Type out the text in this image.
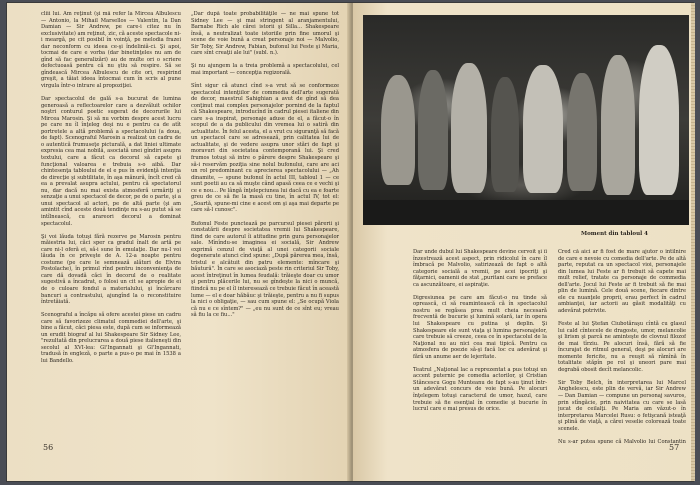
cliii lui. Am reţinut (şi mă refer la Mircea Albulescu — Antonio, la Mihail Marsellos — Valentin, la Dan Damian — Sir Andrew, pe care-i citez nu în exclusivitate) am reţinut, zic, că aceste spectacole ni-i meargă, pe cit posibil în voinţă, pe melodia frazei dar neconform cu ideea ce-şi îndeliniă-ci. Şi apoi, tocmai de care e vorba (dar binetinţeles nu am de gînd să fac generalizări) au de multe ori o scriere defectuoasă pentru că nu ştiu să respire. Să se gîndească Mircea Albulescu de cite ori, respirind greşit, a tăiat ideea întocmai cum în scris al pune virgula într-o intrare al propoziţiei.

Dar spectacolul de gală s-a bucurat de lumina generoasă a reflectoarelor care a dezvăluit ochilor noştri conturul poetic sugerat de decorurile lui Mircea Marosin. Şi să nu vorbim despre acest lucru pe care nu îl înţeleg deşi nu e pentru ca de atît portretele a altă problemă a spectacolului (a doua, de fapt). Scenograful Marosin a realizat un cadru de o autentică frumuseţe picturală, a dat liniei ultimate expresia cea mai nobilă, asociată unei gîndiri asupra textului, care a făcut ca decorul să capete şi funcţional valoarea e trebuia s-o aibă. Dar chintesenţa tabloului de el e pus în evidenţă intenţia de direcţie şi subtilitate, în aşa mănură, încît cred că ea a prevalat asupra actului, pentru că spectatorul nu, dar dacă nu mai exista atmosferă urmăriţi şi senzaţie a unui spectacol de decor, pe de o parte, şi a unui spectacol al actori, pe de altă parte (şi am amintit cînd aceste două tendinţe nu s-au putut să se intîlnească, cu arareori decorul a dominat spectacolul.

Şi voi lăuda totuşi fără rezerve pe Marosin pentru măiestria lui, căci sper ca gradul înalt de artă pe care ni-l oferă ei, să-i sune în emulaţie. Dar nu-l voi lăuda în ce priveşte de A. 12-a noapte pentru costume (pe care le semnează alături de Elvira Postolache), în primul rînd pentru inconvenienţa de care dă dovadă căci în decorul de o realitate sugestivă a încadrat, o folosi un cit se apropie de ei de o culoare fondul a materialului, şi încărcare bancuri a contrastului, ajungînd la o reconstituire întretăiată.

Scenograful a încăpu să ofere acestei piese un cadru care să favorizeze climatul commediei dell'arte, şi bine a făcut, căci piesa este, după cum se informează un erudit biograf al lui Shakespeare Sir Sidney Lee, "rezultată din prelucrarea a două piese italieneşti din secolul al XVI-lea: Gl'Ingannati şi Gl'Ingannati, tradusă în engleză, o parte a pus-o pe mai în 1538 a lui Bandello.
„Dar după toate probabilităţile — ne mai spune tot Sidney Lee — şi mai stringent al aranjamentului, Barnabe Rich ale cărei istorii şi Silla... Shakespeare însă, a neutralizat toate istoriile prin fine umorul şi scene de voie bună a creat personaje noi — Malvolio, Sir Toby, Sir Andrew, Fabian, bufonul lui Feste şi Maria, care sînt creaţii ale lui" (subl. n.).

Şi nu ajungem la a treia problemă a spectacolului, cel mai important — concepţia regizorală.

Sînt sigur că atunci cînd s-a vrut să se conformeze spectacolul intenţiilor de commedia dell'arte sugerată de decor, maestrul Sahighian a avut de gînd să dea conţinut mai complex personajelor pornind de la faptul că Shakespeare, introducînd în cadrul piesei italiene din care s-a inspirat, personaje aduse de el, a făcut-o în scopul de a da publicului din vremea lui o satiră din actualitate. În felul acesta, el a vrut cu siguranţă să facă un spectacol care se adresează, prin calitatea lui de actualitate, şi de vedere asupra unor stări de fapt şi moravuri din societatea contemporană lui. Şi cred frumos totuşi să intre o părere despre Shakespeare şi să-i reservăm poziţia sine nolul bufonului, care are aci un rol predominant cu aprecierea spectacolului — „Ah dinamite, — spune bufonul în actul III, tabloul 1 — ce sunt poetii au ca să muşte când apasă ceea ce e vechi şi ce e nou... Pe lângă înţelepciunea lui dacă cu ea e foarte greu de ce să fie la masă cu tine, în actul IV, tot el: „Soartă, spune-mi cine e acest om şi aşa mai departe pe care să-l cunosc".

Bufonul Feste punctează pe parcursul piesei părerii şi constatării despre societatea vremii lui Shakespeare, fiind de care autorul îi atitudine prin gura personajelor sale. Mînîndu-se imaginea ei socială, Sir Andrew exprimă cenzul de viaţă al unei categorii sociale degenerate atunci cînd spune: „După părerea mea, însă, tristul e alcătuit din patru elemente: mîncare şi băutură". În care se asociază peste rin criteriul Sir Toby, acest întreţinut în lumea feudală: trăieşte doar cu umor şi pentru plăcerile lui, nu se gîndeşte la nici o muncă, fiindcă nu pe el îl interesează ce trebuie făcut în această lume — el e doar hăbăuc şi trăieşte, pentru a nu fi supus la nici o obligaţie, — sau cum spune el: „Se ocupă Viola că nu e ce sîntem?" — „eu nu sunt de ce sînt eu; vreau să fiu la ce fiu..."
56
Moment din tabloul 4
Dar unde dubul lui Shakespeare devine cervoit şi îi înzestrează acest aspect, prin ridicolul în care îl îmbracă pe Malvolio, satirizează de fapt o altă categorie socială a vremii, pe acei ipocriţi şi făţarnici, oamenii de stat „puritani care se preface ca ascunzătoare, ei aspiraţie.

Digresiunea pe care am făcut-o nu tinde să oprească, ci să reamintească că în spectacolul nostru se regăsea prea mult cheia necesară frecventă de bucurie şi lumină solară, iar în opera lui Shakespeare cu putina şi deplin. Şi Shakespeare ele sunt viaţa şi lumina personajelor, care trebuie să creeze, ceea ce în spectacolul de la Naţional nu au nici cea mai tipică. Pentru ca atmosfera de poezie să-şi facă loc cu adevărat şi fără un anume aer de lejeritate.

Teatrul „Naţional lac a reprezentat a pus totuşi un accent puternic pe comedia actorilor, şi Cristian Stăncescu Gogu Munteanu de fapt s-au ţinut într-un adevărat concurs de voie bună. Pe alocuri înţelegem totuşi caracterul de umor, hazul, care trebuie să fie esenţial în comedie şi bucurie în lucrul care e mai presus de orice.
Cred că aici ar fi fost de mare ajutor o întîlnire de care e nevoie cu comedia dell'arte. Pe de altă parte, reputat ca un spectacol vioi, personajele din lumea lui Feste ar fi trebuit să capete mai mult relief, tratate ca personaje de commedia dell'arte. Jocul lui Feste ar fi trebuit să fie mai plin de lumină. Cele două scene, fiecare dintre ele cu nuanţele proprii, erau perfect în cadrul ambianţei, iar actorii au găsit modalităţi cu adevărat potrivite.

Feste al lui Ştefan Ciubotăraşu cîntă cu glasul lui cald cîntecele de dragoste, umor, melancolie şi lirism şi parcă ne aminteşte de clovnul filozof de mai tîrziu. Pe alocuri însă, fără să fie încurajat de ritmul general, deşi pe alocuri are momente fericite, nu a reuşit să rămînă în totalitate stăpîn pe rol şi uneori pare mai degrabă obosit decît melancolic.

Sir Toby Belch, în interpretarea lui Marcel Anghelescu, este plin de vervă, iar Sir Andrew — Dan Damian — compune un personaj savuros, prin stîngăcie, prin naivitatea cu care se lasă jucat de ceilalţi. Pe Maria am văzut-o în interpretarea Marcelei Rusu: o fetişcană isteaţă şi plină de viaţă, a cărei veselie colorează toate scenele.

Nu s-ar putea spune că Malvolio lui Constantin
57
